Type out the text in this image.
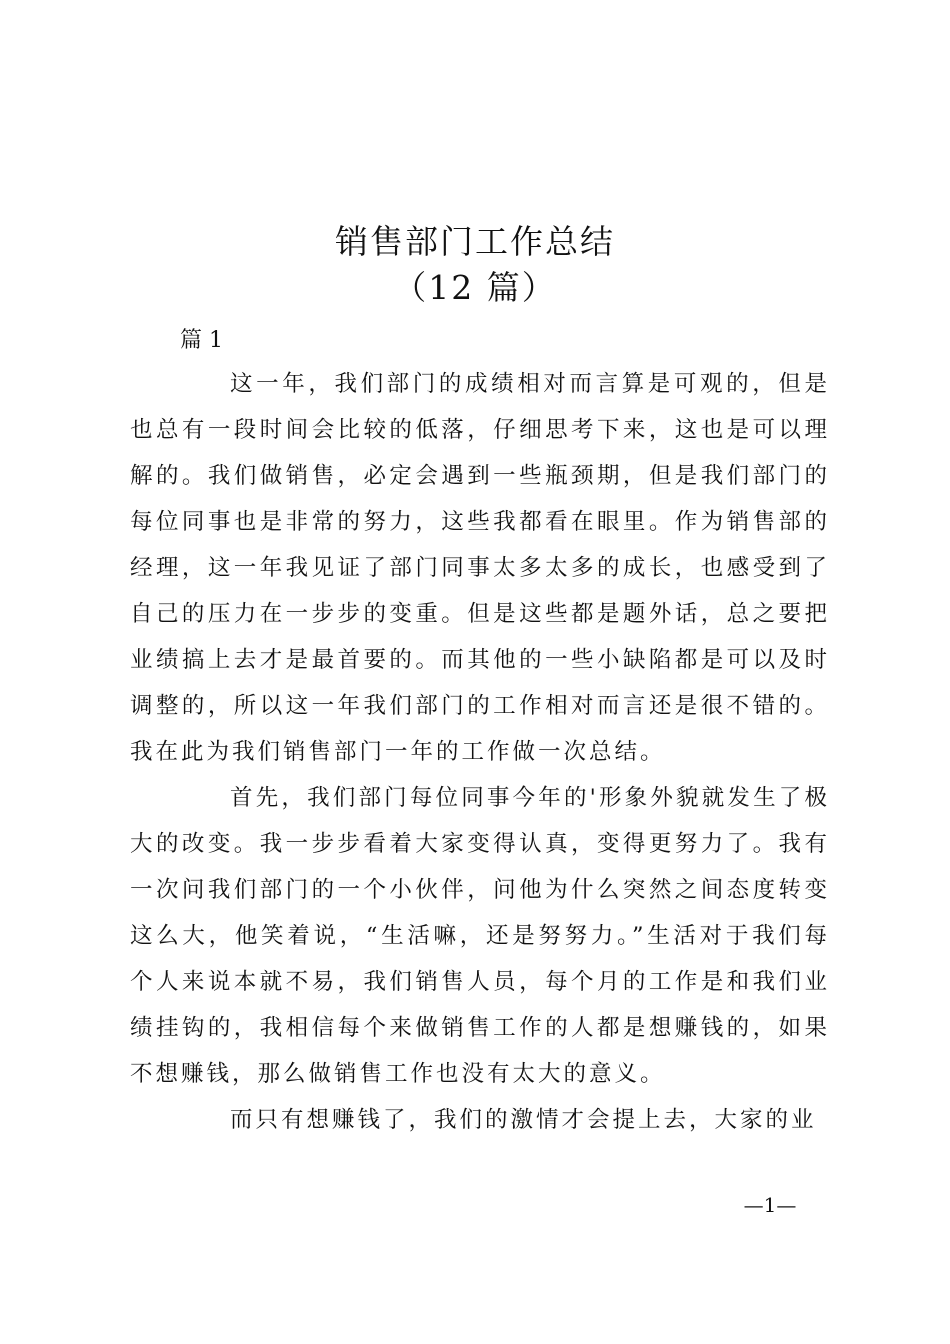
销售部门工作总结
（12 篇）
篇 1

这一年，我们部门的成绩相对而言算是可观的，但是也总有一段时间会比较的低落，仔细思考下来，这也是可以理解的。我们做销售，必定会遇到一些瓶颈期，但是我们部门的每位同事也是非常的努力，这些我都看在眼里。作为销售部的经理，这一年我见证了部门同事太多太多的成长，也感受到了自己的压力在一步步的变重。但是这些都是题外话，总之要把业绩搞上去才是最首要的。而其他的一些小缺陷都是可以及时调整的，所以这一年我们部门的工作相对而言还是很不错的。我在此为我们销售部门一年的工作做一次总结。

首先，我们部门每位同事今年的'形象外貌就发生了极大的改变。我一步步看着大家变得认真，变得更努力了。我有一次问我们部门的一个小伙伴，问他为什么突然之间态度转变这么大，他笑着说，“生活嘛，还是努努力。”生活对于我们每个人来说本就不易，我们销售人员，每个月的工作是和我们业绩挂钩的，我相信每个来做销售工作的人都是想赚钱的，如果不想赚钱，那么做销售工作也没有太大的意义。

而只有想赚钱了，我们的激情才会提上去，大家的业

—1—
